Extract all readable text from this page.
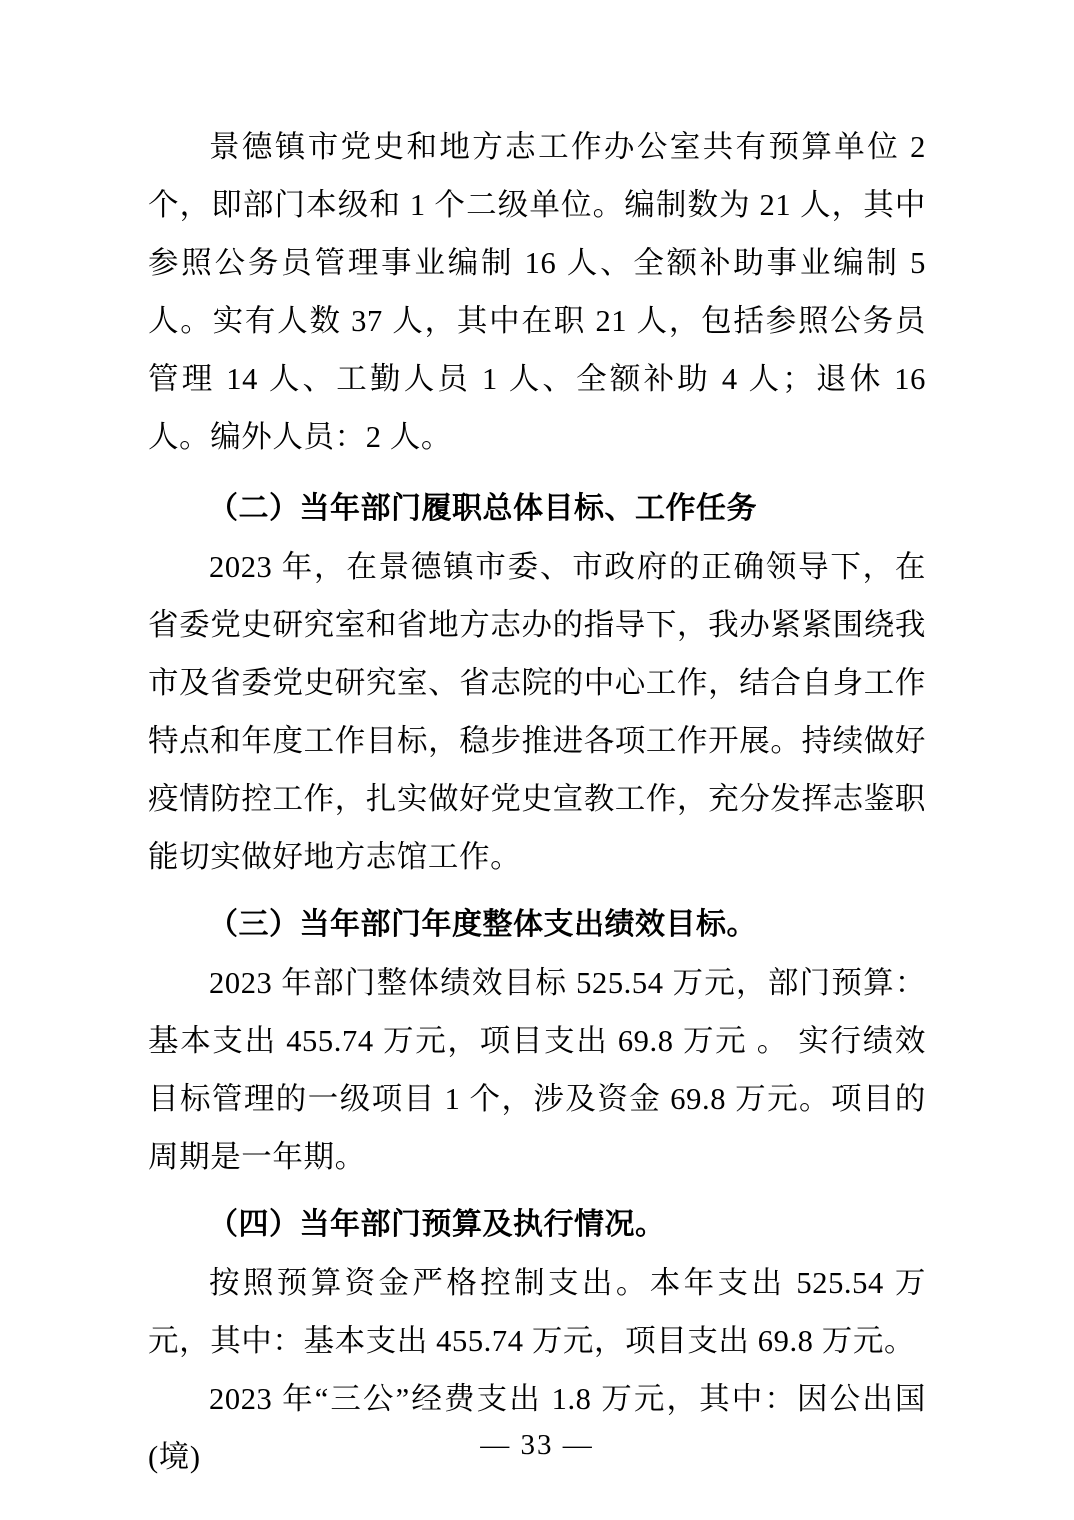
景德镇市党史和地方志工作办公室共有预算单位 2 个，即部门本级和 1 个二级单位。编制数为 21 人，其中参照公务员管理事业编制 16 人、全额补助事业编制 5 人。实有人数 37 人，其中在职 21 人，包括参照公务员管理 14 人、工勤人员 1 人、全额补助 4 人；退休 16 人。编外人员：2 人。

（二）当年部门履职总体目标、工作任务

2023 年，在景德镇市委、市政府的正确领导下，在省委党史研究室和省地方志办的指导下，我办紧紧围绕我市及省委党史研究室、省志院的中心工作，结合自身工作特点和年度工作目标，稳步推进各项工作开展。持续做好疫情防控工作，扎实做好党史宣教工作，充分发挥志鉴职能切实做好地方志馆工作。

（三）当年部门年度整体支出绩效目标。

2023 年部门整体绩效目标 525.54 万元，部门预算：基本支出 455.74 万元，项目支出 69.8 万元 。 实行绩效目标管理的一级项目 1 个，涉及资金 69.8 万元。项目的周期是一年期。

（四）当年部门预算及执行情况。

按照预算资金严格控制支出。本年支出 525.54 万元，其中：基本支出 455.74 万元，项目支出 69.8 万元。

2023 年“三公”经费支出 1.8 万元，其中：因公出国(境)	— 33 —
